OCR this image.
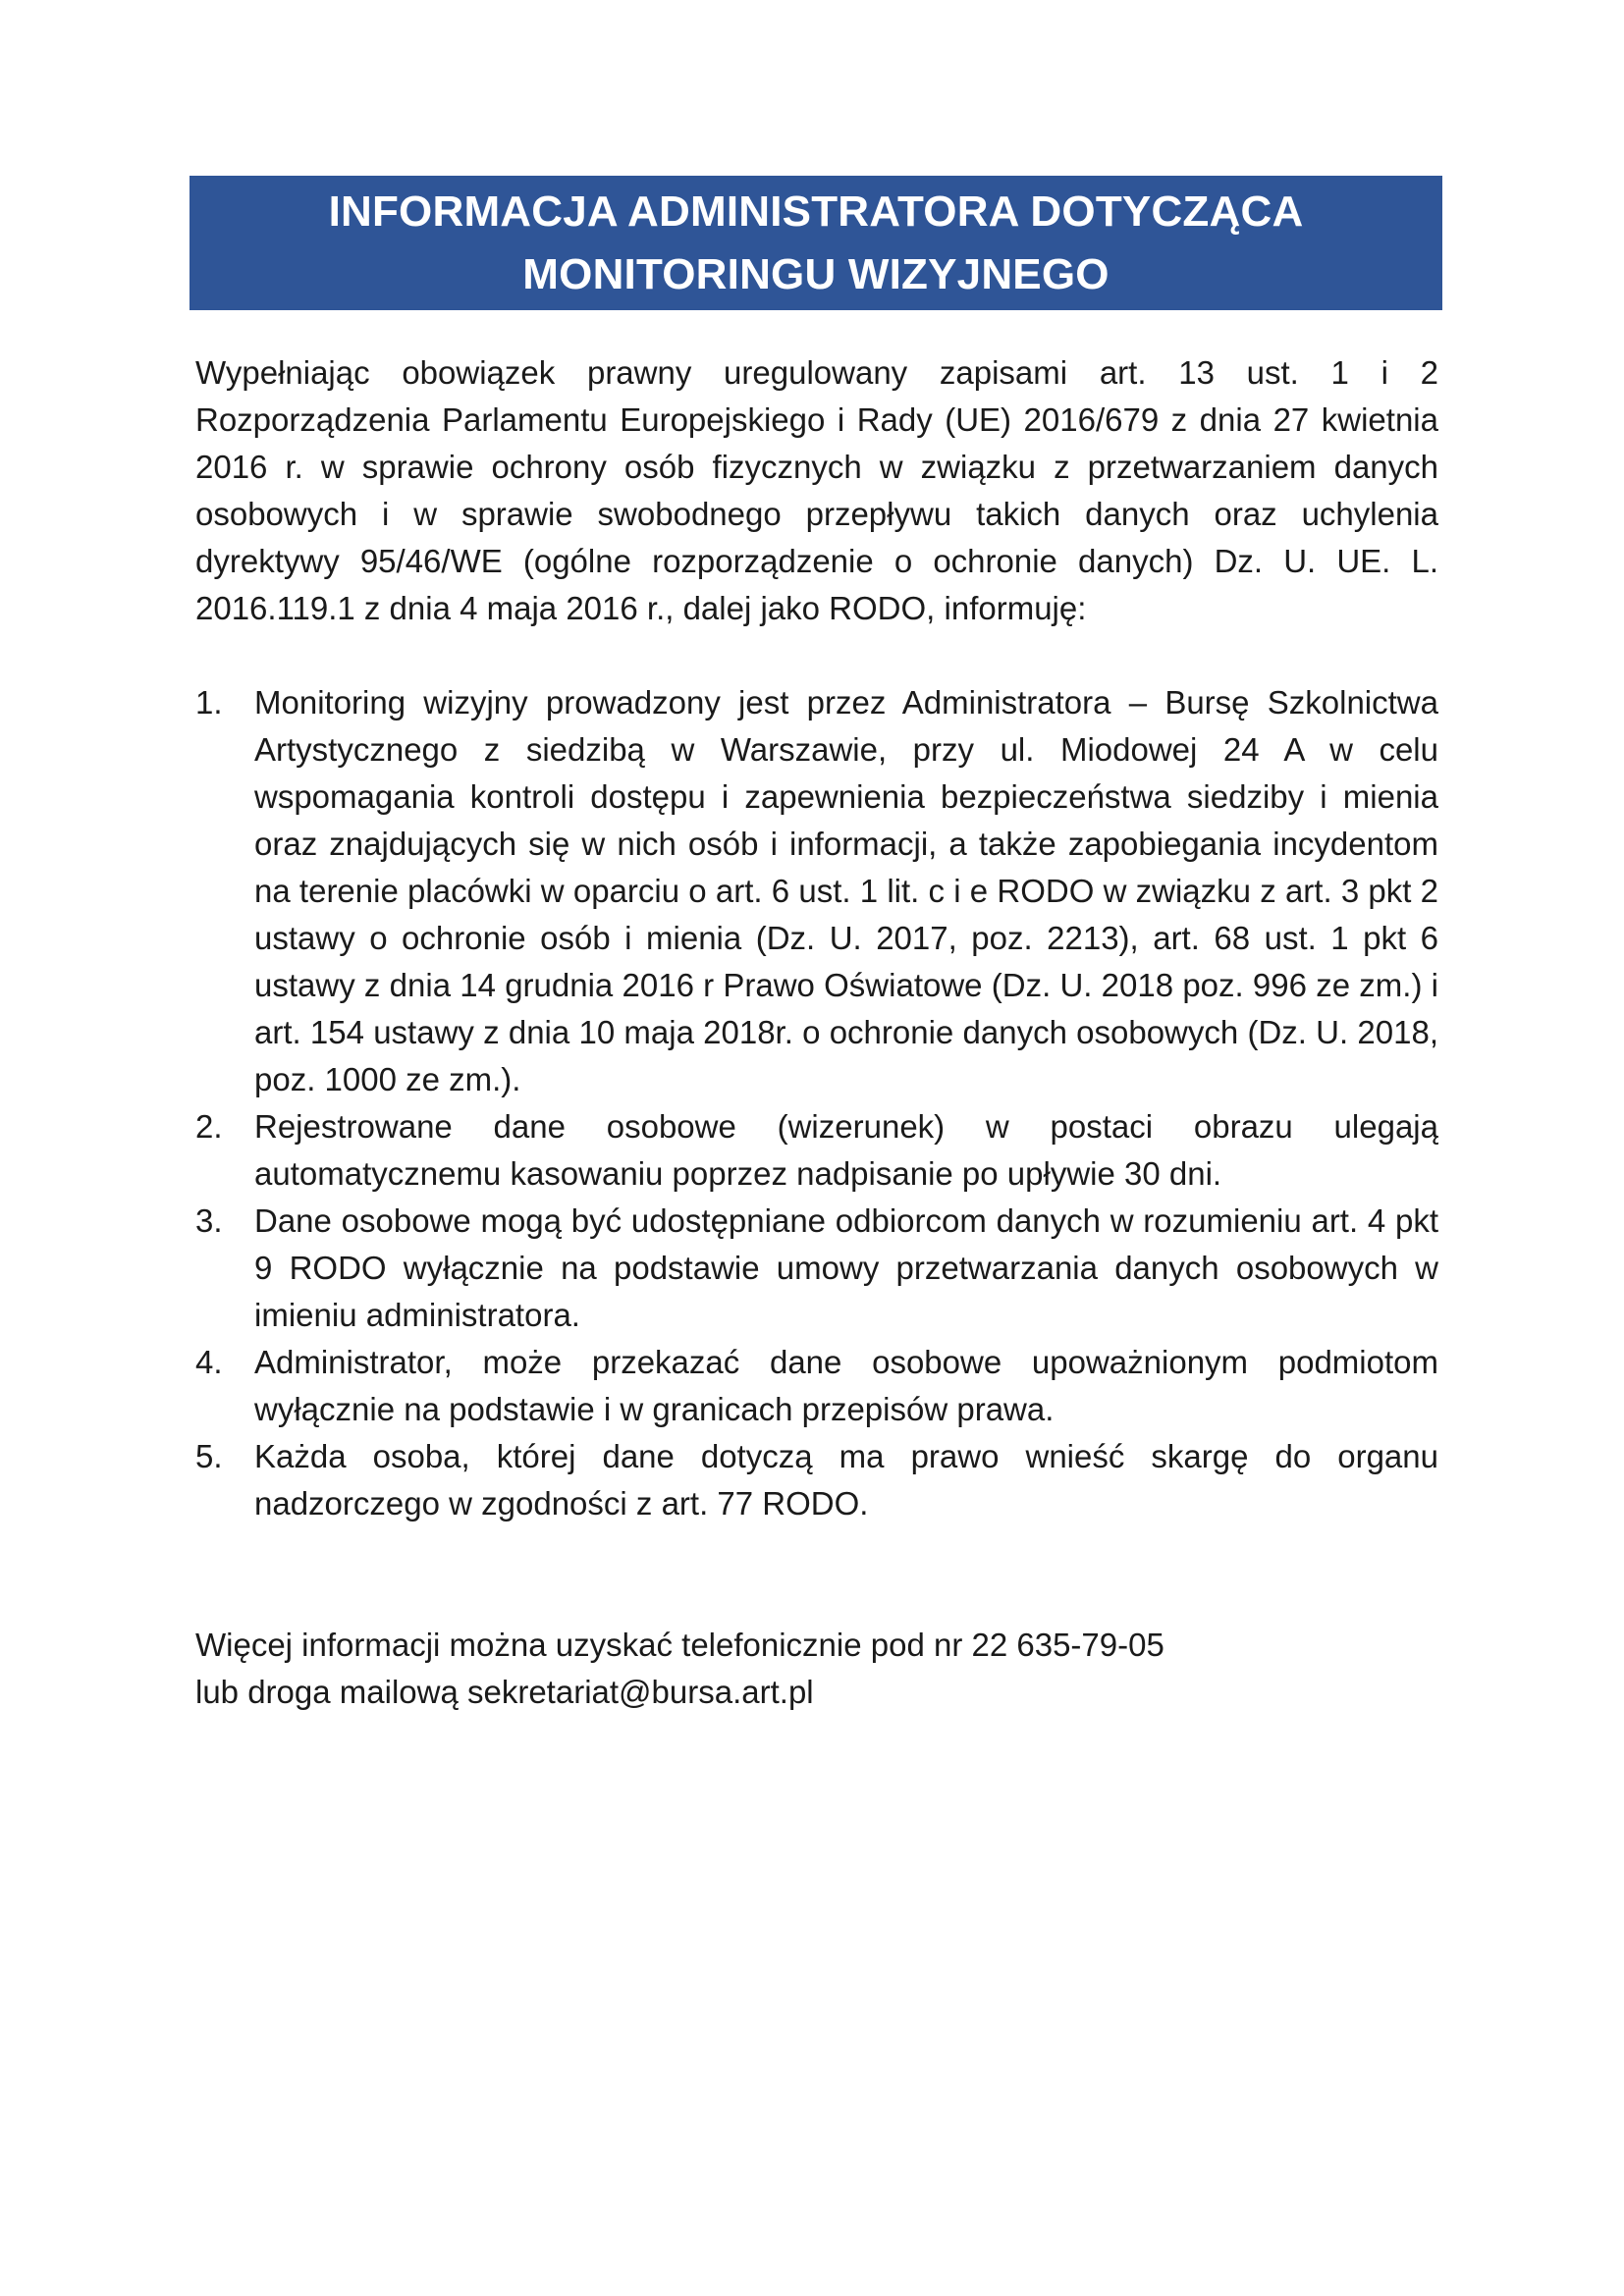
INFORMACJA ADMINISTRATORA DOTYCZĄCA
MONITORINGU WIZYJNEGO

Wypełniając obowiązek prawny uregulowany zapisami art. 13 ust. 1 i 2 Rozporządzenia Parlamentu Europejskiego i Rady (UE) 2016/679 z dnia 27 kwietnia 2016 r. w sprawie ochrony osób fizycznych w związku z przetwarzaniem danych osobowych i w sprawie swobodnego przepływu takich danych oraz uchylenia dyrektywy 95/46/WE (ogólne rozporządzenie o ochronie danych) Dz. U. UE. L. 2016.119.1 z dnia 4 maja 2016 r., dalej jako RODO, informuję:

1. Monitoring wizyjny prowadzony jest przez Administratora – Bursę Szkolnictwa Artystycznego z siedzibą w Warszawie, przy ul. Miodowej 24 A w celu wspomagania kontroli dostępu i zapewnienia bezpieczeństwa siedziby i mienia oraz znajdujących się w nich osób i informacji, a także zapobiegania incydentom na terenie placówki w oparciu o art. 6 ust. 1 lit. c i e RODO w związku z art. 3 pkt 2 ustawy o ochronie osób i mienia (Dz. U. 2017, poz. 2213), art. 68 ust. 1 pkt 6 ustawy z dnia 14 grudnia 2016 r Prawo Oświatowe (Dz. U. 2018 poz. 996 ze zm.) i art. 154 ustawy z dnia 10 maja 2018r. o ochronie danych osobowych (Dz. U. 2018, poz. 1000 ze zm.).
2. Rejestrowane dane osobowe (wizerunek) w postaci obrazu ulegają automatycznemu kasowaniu poprzez nadpisanie po upływie 30 dni.
3. Dane osobowe mogą być udostępniane odbiorcom danych w rozumieniu art. 4 pkt 9 RODO wyłącznie na podstawie umowy przetwarzania danych osobowych w imieniu administratora.
4. Administrator, może przekazać dane osobowe upoważnionym podmiotom wyłącznie na podstawie i w granicach przepisów prawa.
5. Każda osoba, której dane dotyczą ma prawo wnieść skargę do organu nadzorczego w zgodności z art. 77 RODO.
Więcej informacji można uzyskać telefonicznie pod nr 22 635-79-05
lub droga mailową sekretariat@bursa.art.pl
